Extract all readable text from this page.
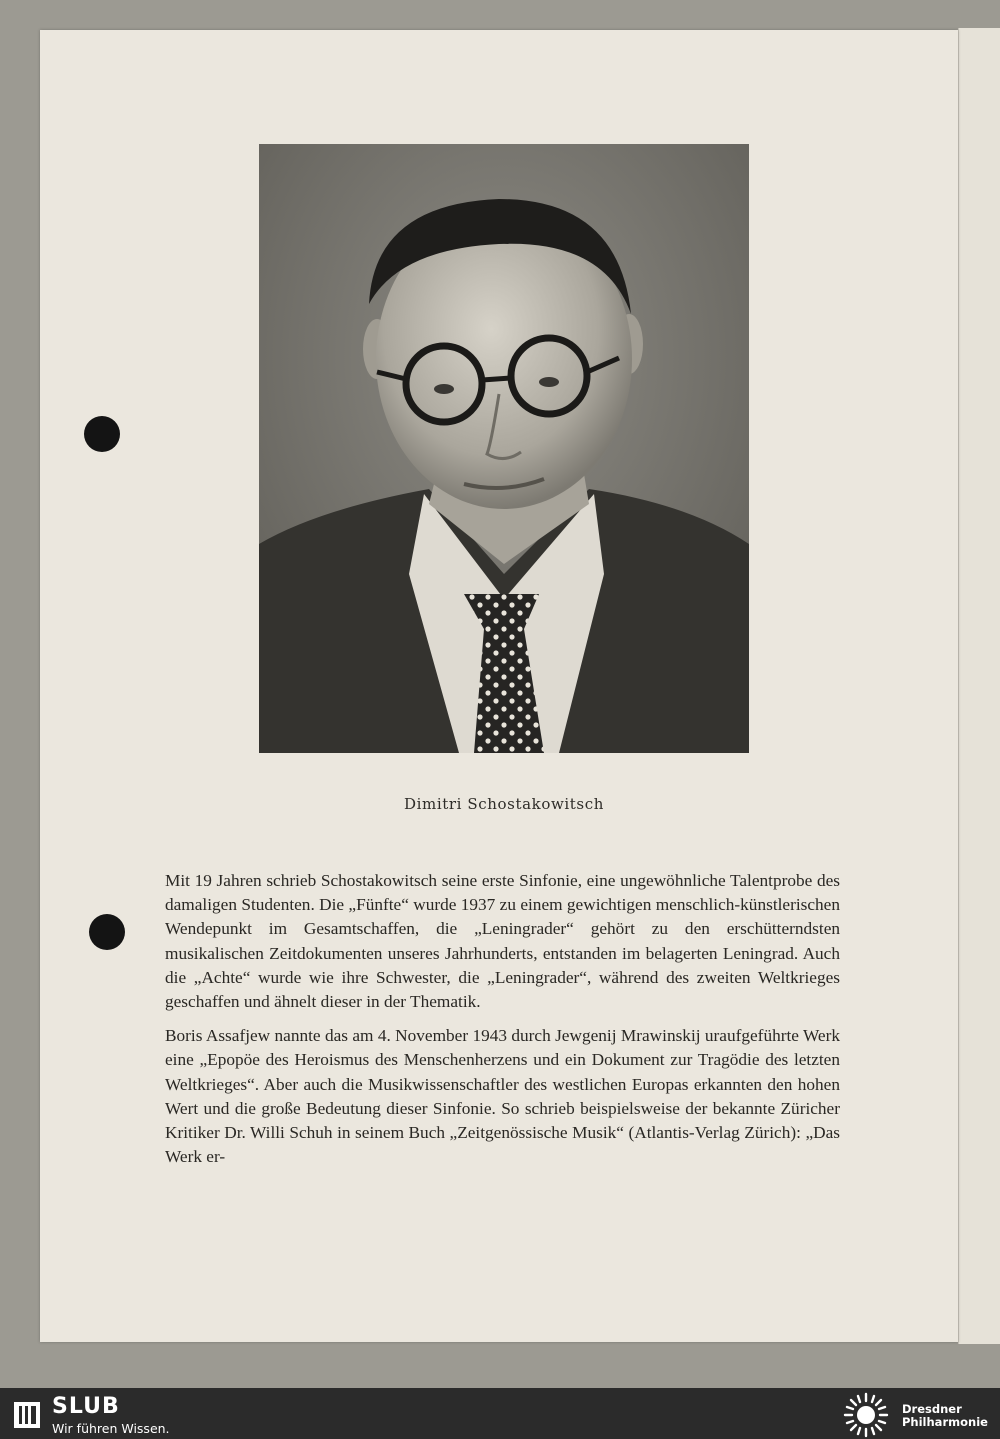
Dimitri Schostakowitsch

Mit 19 Jahren schrieb Schostakowitsch seine erste Sinfonie, eine ungewöhnliche Talentprobe des damaligen Studenten. Die „Fünfte“ wurde 1937 zu einem gewichtigen menschlich-künstlerischen Wendepunkt im Gesamtschaffen, die „Leningrader“ gehört zu den erschütterndsten musikalischen Zeitdokumenten unseres Jahrhunderts, entstanden im belagerten Leningrad. Auch die „Achte“ wurde wie ihre Schwester, die „Leningrader“, während des zweiten Weltkrieges geschaffen und ähnelt dieser in der Thematik.

Boris Assafjew nannte das am 4. November 1943 durch Jewgenij Mrawinskij uraufgeführte Werk eine „Epopöe des Heroismus des Menschenherzens und ein Dokument zur Tragödie des letzten Weltkrieges“. Aber auch die Musikwissenschaftler des westlichen Europas erkannten den hohen Wert und die große Bedeutung dieser Sinfonie. So schrieb beispielsweise der bekannte Züricher Kritiker Dr. Willi Schuh in seinem Buch „Zeitgenössische Musik“ (Atlantis-Verlag Zürich): „Das Werk er-

SLUB
Wir führen Wissen.
Dresdner
Philharmonie
